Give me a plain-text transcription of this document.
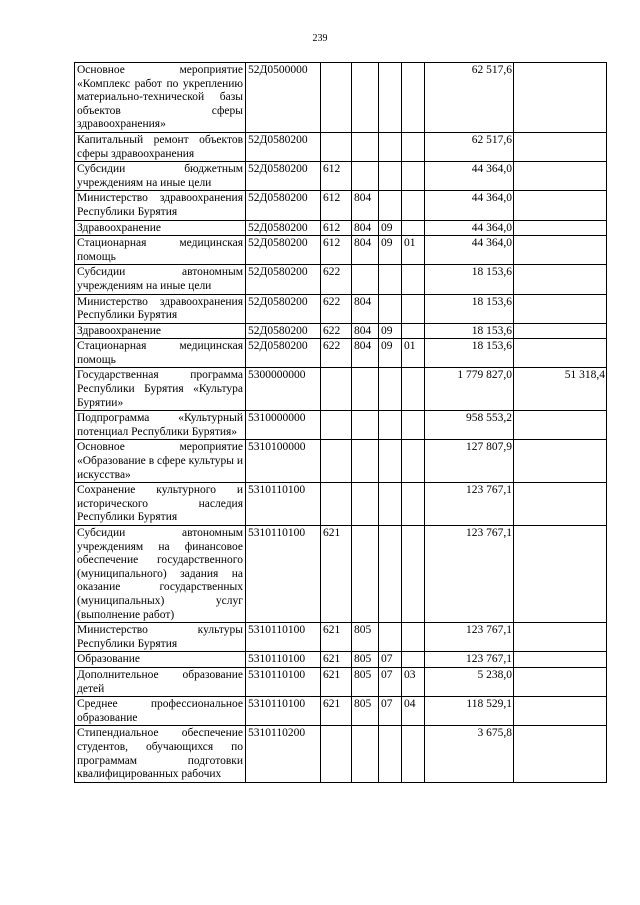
239
Основное мероприятие «Комплекс работ по укреплению материально-технической базы объектов сферы здравоохранения»	52Д0500000					62 517,6	

Капитальный ремонт объектов сферы здравоохранения	52Д0580200					62 517,6	

Субсидии бюджетным учреждениям на иные цели	52Д0580200	612				44 364,0	

Министерство здравоохранения Республики Бурятия	52Д0580200	612	804			44 364,0	

Здравоохранение	52Д0580200	612	804	09		44 364,0	

Стационарная медицинская помощь	52Д0580200	612	804	09	01	44 364,0	

Субсидии автономным учреждениям на иные цели	52Д0580200	622				18 153,6	

Министерство здравоохранения Республики Бурятия	52Д0580200	622	804			18 153,6	

Здравоохранение	52Д0580200	622	804	09		18 153,6	

Стационарная медицинская помощь	52Д0580200	622	804	09	01	18 153,6	

Государственная программа Республики Бурятия «Культура Бурятии»	5300000000					1 779 827,0	51 318,4

Подпрограмма «Культурный потенциал Республики Бурятия»	5310000000					958 553,2	

Основное мероприятие «Образование в сфере культуры и искусства»	5310100000					127 807,9	

Сохранение культурного и исторического наследия Республики Бурятия	5310110100					123 767,1	

Субсидии автономным учреждениям на финансовое обеспечение государственного (муниципального) задания на оказание государственных (муниципальных) услуг (выполнение работ)	5310110100	621				123 767,1	

Министерство культуры Республики Бурятия	5310110100	621	805			123 767,1	

Образование	5310110100	621	805	07		123 767,1	

Дополнительное образование детей	5310110100	621	805	07	03	5 238,0	

Среднее профессиональное образование	5310110100	621	805	07	04	118 529,1	

Стипендиальное обеспечение студентов, обучающихся по программам подготовки квалифицированных рабочих	5310110200					3 675,8	
